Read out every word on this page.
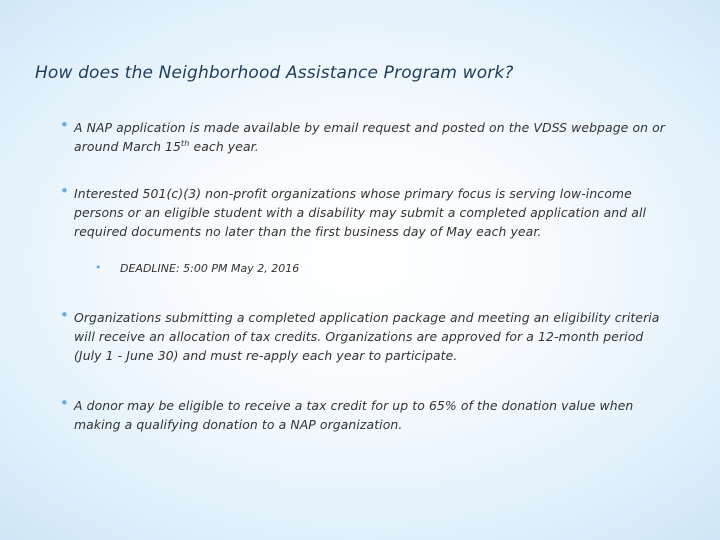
How does the Neighborhood Assistance Program work?
• A NAP application is made available by email request and posted on the VDSS webpage on or around March 15th each year.
• Interested 501(c)(3) non-profit organizations whose primary focus is serving low-income persons or an eligible student with a disability may submit a completed application and all required documents no later than the first business day of May each year.
• DEADLINE: 5:00 PM May 2, 2016
• Organizations submitting a completed application package and meeting an eligibility criteria will receive an allocation of tax credits. Organizations are approved for a 12-month period (July 1 - June 30) and must re-apply each year to participate.
• A donor may be eligible to receive a tax credit for up to 65% of the donation value when making a qualifying donation to a NAP organization.
